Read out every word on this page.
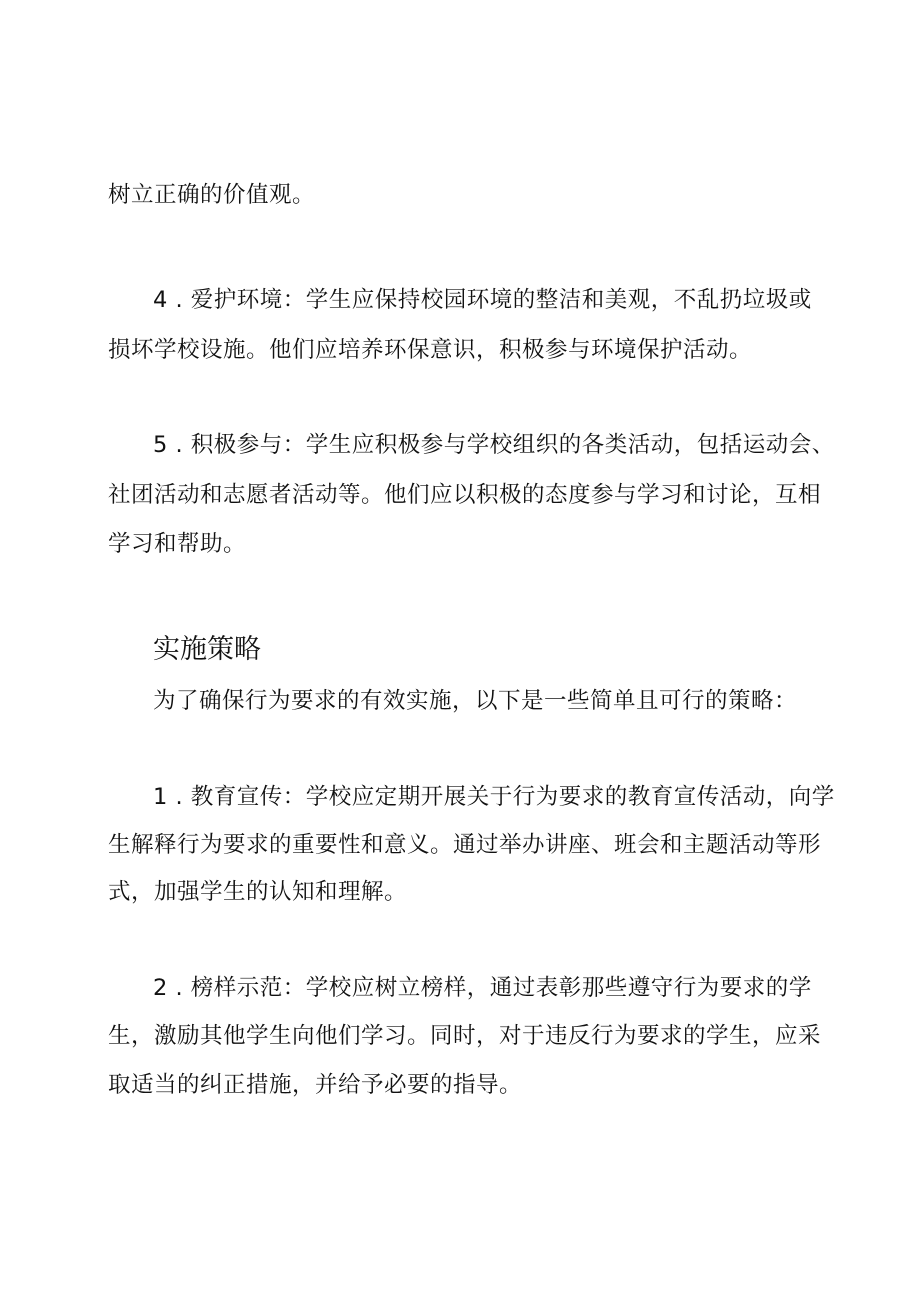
树立正确的价值观。
4 . 爱护环境：学生应保持校园环境的整洁和美观，不乱扔垃圾或
损坏学校设施。他们应培养环保意识，积极参与环境保护活动。
5 . 积极参与：学生应积极参与学校组织的各类活动，包括运动会、
社团活动和志愿者活动等。他们应以积极的态度参与学习和讨论，互相
学习和帮助。
实施策略
为了确保行为要求的有效实施，以下是一些简单且可行的策略：
1 . 教育宣传：学校应定期开展关于行为要求的教育宣传活动，向学
生解释行为要求的重要性和意义。通过举办讲座、班会和主题活动等形
式，加强学生的认知和理解。
2 . 榜样示范：学校应树立榜样，通过表彰那些遵守行为要求的学
生，激励其他学生向他们学习。同时，对于违反行为要求的学生，应采
取适当的纠正措施，并给予必要的指导。
